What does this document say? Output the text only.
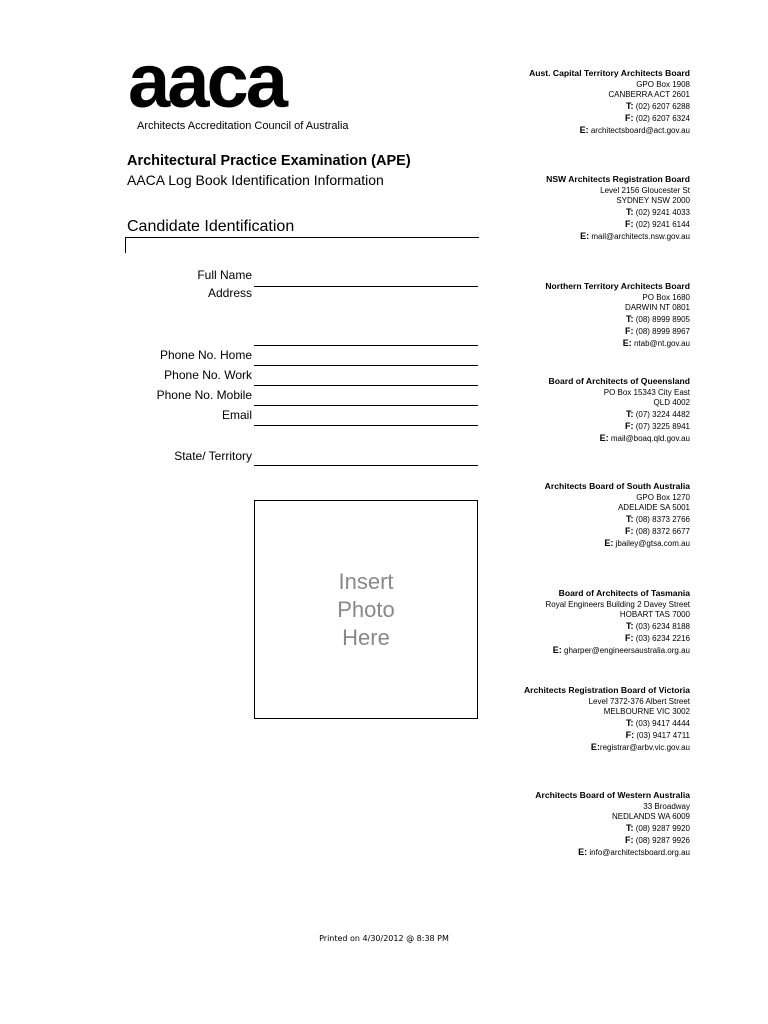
aaca
Architects Accreditation Council of Australia
Architectural Practice Examination (APE)
AACA Log Book Identification Information
Candidate Identification
Full Name
Address
Phone No. Home
Phone No. Work
Phone No. Mobile
Email
State/ Territory
Insert
Photo
Here
Aust. Capital Territory Architects Board
GPO Box 1908
CANBERRA ACT 2601
T: (02) 6207 6288
F: (02) 6207 6324
E: architectsboard@act.gov.au
NSW Architects Registration Board
Level 2156 Gloucester St
SYDNEY NSW 2000
T: (02) 9241 4033
F: (02) 9241 6144
E: mail@architects.nsw.gov.au
Northern Territory Architects Board
PO Box 1680
DARWIN NT 0801
T: (08) 8999 8905
F: (08) 8999 8967
E: ntab@nt.gov.au
Board of Architects of Queensland
PO Box 15343 City East
QLD 4002
T: (07) 3224 4482
F: (07) 3225 8941
E: mail@boaq.qld.gov.au
Architects Board of South Australia
GPO Box 1270
ADELAIDE SA 5001
T: (08) 8373 2766
F: (08) 8372 6677
E: jbailey@gtsa.com.au
Board of Architects of Tasmania
Royal Engineers Building 2 Davey Street
HOBART TAS 7000
T: (03) 6234 8188
F: (03) 6234 2216
E: gharper@engineersaustralia.org.au
Architects Registration Board of Victoria
Level 7372-376 Albert Street
MELBOURNE VIC 3002
T: (03) 9417 4444
F: (03) 9417 4711
E:registrar@arbv.vic.gov.au
Architects Board of Western Australia
33 Broadway
NEDLANDS WA 6009
T: (08) 9287 9920
F: (08) 9287 9926
E: info@architectsboard.org.au
Printed on 4/30/2012 @ 8:38 PM
